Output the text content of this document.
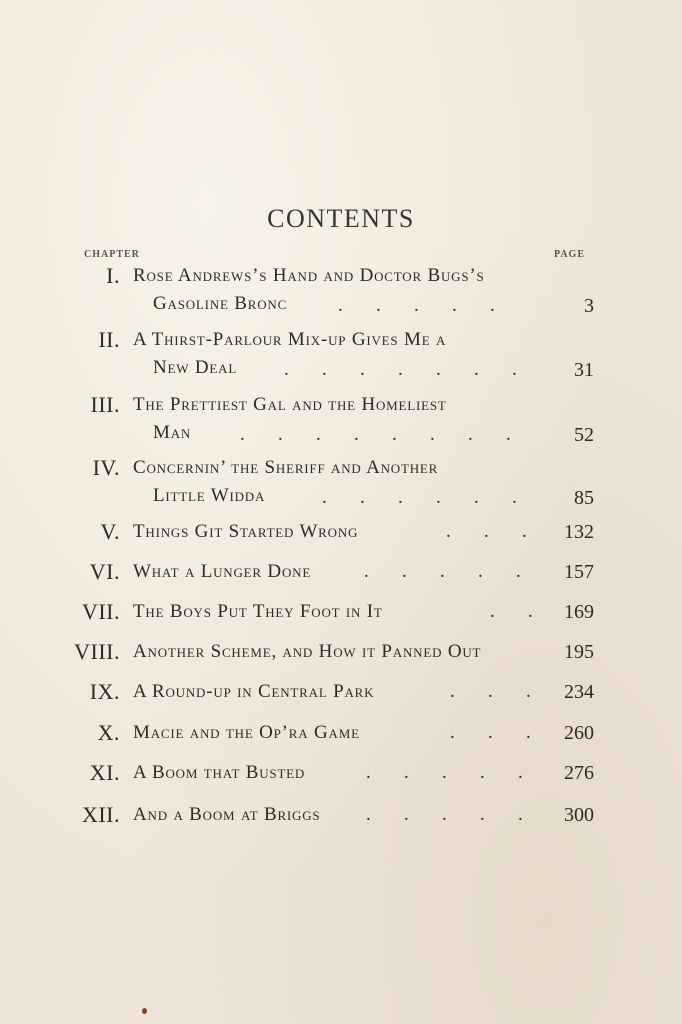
CONTENTS
CHAPTER	PAGE
I. Rose Andrews’s Hand and Doctor Bugs’s
Gasoline Bronc	.       .       .       .       .	3
II. A Thirst-Parlour Mix-up Gives Me a
New Deal .       .       .       .       .       .       .	31
III. The Prettiest Gal and the Homeliest
Man	.       .       .       .       .       .       .       .	52
IV. Concernin’ the Sheriff and Another
Little Widda	.       .       .       .       .       .	85
V. Things Git Started Wrong	.       .       . 132
VI. What a Lunger Done	.       .       .       .       . 157
VII. The Boys Put They Foot in It	.       . 169
VIII. Another Scheme, and How it Panned Out	195
IX. A Round-up in Central Park	.       .       . 234
X. Macie and the Op’ra Game	.       .       . 260
XI. A Boom that Busted	.       .       .       .       . 276
XII. And a Boom at Briggs .       .       .       .       . 300
